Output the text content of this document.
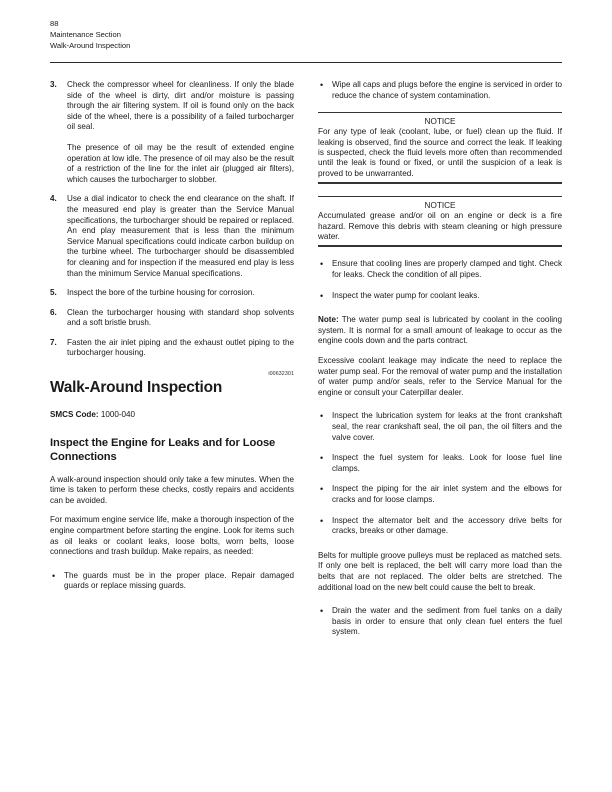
88
Maintenance Section
Walk-Around Inspection
3. Check the compressor wheel for cleanliness. If only the blade side of the wheel is dirty, dirt and/or moisture is passing through the air filtering system. If oil is found only on the back side of the wheel, there is a possibility of a failed turbocharger oil seal.

The presence of oil may be the result of extended engine operation at low idle. The presence of oil may also be the result of a restriction of the line for the inlet air (plugged air filters), which causes the turbocharger to slobber.

4. Use a dial indicator to check the end clearance on the shaft. If the measured end play is greater than the Service Manual specifications, the turbocharger should be repaired or replaced. An end play measurement that is less than the minimum Service Manual specifications could indicate carbon buildup on the turbine wheel. The turbocharger should be disassembled for cleaning and for inspection if the measured end play is less than the minimum Service Manual specifications.

5. Inspect the bore of the turbine housing for corrosion.

6. Clean the turbocharger housing with standard shop solvents and a soft bristle brush.

7. Fasten the air inlet piping and the exhaust outlet piping to the turbocharger housing.

i00632301
Walk-Around Inspection
SMCS Code: 1000-040
Inspect the Engine for Leaks and for Loose Connections

A walk-around inspection should only take a few minutes. When the time is taken to perform these checks, costly repairs and accidents can be avoided.

For maximum engine service life, make a thorough inspection of the engine compartment before starting the engine. Look for items such as oil leaks or coolant leaks, loose bolts, worn belts, loose connections and trash buildup. Make repairs, as needed:

• The guards must be in the proper place. Repair damaged guards or replace missing guards.
• Wipe all caps and plugs before the engine is serviced in order to reduce the chance of system contamination.
NOTICE
For any type of leak (coolant, lube, or fuel) clean up the fluid. If leaking is observed, find the source and correct the leak. If leaking is suspected, check the fluid levels more often than recommended until the leak is found or fixed, or until the suspicion of a leak is proved to be unwarranted.
NOTICE
Accumulated grease and/or oil on an engine or deck is a fire hazard. Remove this debris with steam cleaning or high pressure water.
• Ensure that cooling lines are properly clamped and tight. Check for leaks. Check the condition of all pipes.
• Inspect the water pump for coolant leaks.

Note: The water pump seal is lubricated by coolant in the cooling system. It is normal for a small amount of leakage to occur as the engine cools down and the parts contract.

Excessive coolant leakage may indicate the need to replace the water pump seal. For the removal of water pump and the installation of water pump and/or seals, refer to the Service Manual for the engine or consult your Caterpillar dealer.

• Inspect the lubrication system for leaks at the front crankshaft seal, the rear crankshaft seal, the oil pan, the oil filters and the valve cover.
• Inspect the fuel system for leaks. Look for loose fuel line clamps.
• Inspect the piping for the air inlet system and the elbows for cracks and for loose clamps.
• Inspect the alternator belt and the accessory drive belts for cracks, breaks or other damage.

Belts for multiple groove pulleys must be replaced as matched sets. If only one belt is replaced, the belt will carry more load than the belts that are not replaced. The older belts are stretched. The additional load on the new belt could cause the belt to break.

• Drain the water and the sediment from fuel tanks on a daily basis in order to ensure that only clean fuel enters the fuel system.
